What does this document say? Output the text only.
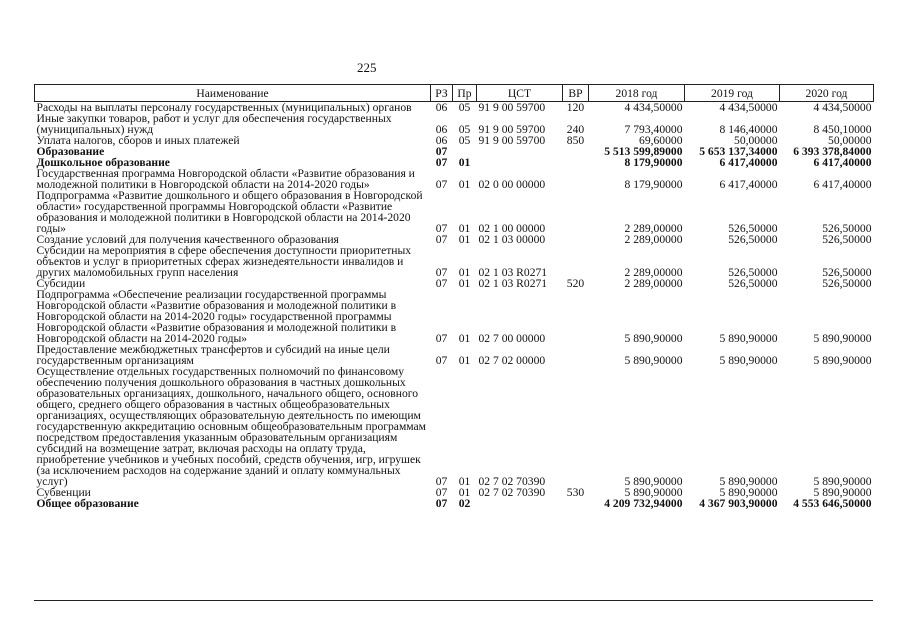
225
Наименование	РЗ	Пр	ЦСТ	ВР	2018 год	2019 год	2020 год
Расходы на выплаты персоналу государственных (муниципальных) органов	06	05	91 9 00 59700	120	4 434,50000	4 434,50000	4 434,50000
Иные закупки товаров, работ и услуг для обеспечения государственных (муниципальных) нужд	06	05	91 9 00 59700	240	7 793,40000	8 146,40000	8 450,10000
Уплата налогов, сборов и иных платежей	06	05	91 9 00 59700	850	69,60000	50,00000	50,00000
Образование	07				5 513 599,89000	5 653 137,34000	6 393 378,84000
Дошкольное образование	07	01			8 179,90000	6 417,40000	6 417,40000
Государственная программа Новгородской области «Развитие образования и молодежной политики в Новгородской области на 2014-2020 годы»	07	01	02 0 00 00000		8 179,90000	6 417,40000	6 417,40000
Подпрограмма «Развитие дошкольного и общего образования в Новгородской области» государственной программы Новгородской области «Развитие образования и молодежной политики в Новгородской области на 2014-2020 годы»	07	01	02 1 00 00000		2 289,00000	526,50000	526,50000
Создание условий для получения качественного образования	07	01	02 1 03 00000		2 289,00000	526,50000	526,50000
Субсидии на мероприятия в сфере обеспечения доступности приоритетных объектов и услуг в приоритетных сферах жизнедеятельности инвалидов и других маломобильных групп населения	07	01	02 1 03 R0271		2 289,00000	526,50000	526,50000
Субсидии	07	01	02 1 03 R0271	520	2 289,00000	526,50000	526,50000
Подпрограмма «Обеспечение реализации государственной программы Новгородской области «Развитие образования и молодежной политики в Новгородской области на 2014-2020 годы» государственной программы Новгородской области «Развитие образования и молодежной политики в Новгородской области на 2014-2020 годы»	07	01	02 7 00 00000		5 890,90000	5 890,90000	5 890,90000
Предоставление межбюджетных трансфертов и субсидий на иные цели государственным организациям	07	01	02 7 02 00000		5 890,90000	5 890,90000	5 890,90000
Осуществление отдельных государственных полномочий по финансовому обеспечению получения дошкольного образования в частных дошкольных образовательных организациях, дошкольного, начального общего, основного общего, среднего общего образования в частных общеобразовательных организациях, осуществляющих образовательную деятельность по имеющим государственную аккредитацию основным общеобразовательным программам посредством предоставления указанным образовательным организациям субсидий на возмещение затрат, включая расходы на оплату труда, приобретение учебников и учебных пособий, средств обучения, игр, игрушек (за исключением расходов на содержание зданий и оплату коммунальных услуг)	07	01	02 7 02 70390		5 890,90000	5 890,90000	5 890,90000
Субвенции	07	01	02 7 02 70390	530	5 890,90000	5 890,90000	5 890,90000
Общее образование	07	02			4 209 732,94000	4 367 903,90000	4 553 646,50000
